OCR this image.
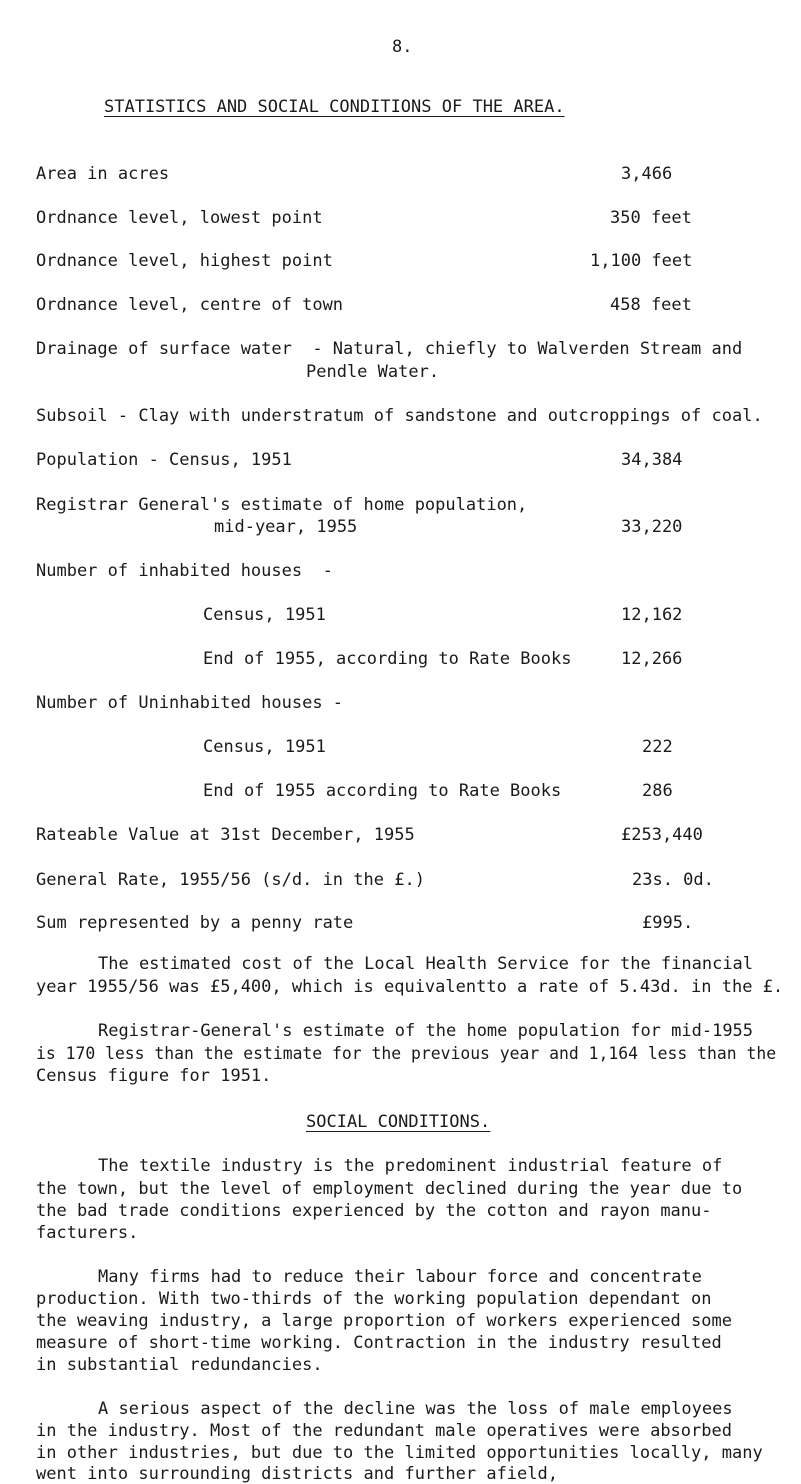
8.
STATISTICS AND SOCIAL CONDITIONS OF THE AREA.
Area in acres	3,466
Ordnance level, lowest point	350 feet
Ordnance level, highest point	1,100 feet
Ordnance level, centre of town	458 feet
Drainage of surface water  - Natural, chiefly to Walverden Stream and
Pendle Water.
Subsoil - Clay with understratum of sandstone and outcroppings of coal.
Population - Census, 1951	34,384
Registrar General's estimate of home population,
mid-year, 1955	33,220
Number of inhabited houses  -
Census, 1951	12,162
End of 1955, according to Rate Books	12,266
Number of Uninhabited houses -
Census, 1951	222
End of 1955 according to Rate Books	286
Rateable Value at 31st December, 1955	£253,440
General Rate, 1955/56 (s/d. in the £.)	23s. 0d.
Sum represented by a penny rate	£995.
The estimated cost of the Local Health Service for the financial
year 1955/56 was £5,400, which is equivalentto a rate of 5.43d. in the £.
Registrar-General's estimate of the home population for mid-1955
is 170 less than the estimate for the previous year and 1,164 less than the
Census figure for 1951.
SOCIAL CONDITIONS.
The textile industry is the predominent industrial feature of
the town, but the level of employment declined during the year due to
the bad trade conditions experienced by the cotton and rayon manu-
facturers.
Many firms had to reduce their labour force and concentrate
production. With two-thirds of the working population dependant on
the weaving industry, a large proportion of workers experienced some
measure of short-time working. Contraction in the industry resulted
in substantial redundancies.
A serious aspect of the decline was the loss of male employees
in the industry. Most of the redundant male operatives were absorbed
in other industries, but due to the limited opportunities locally, many
went into surrounding districts and further afield,
